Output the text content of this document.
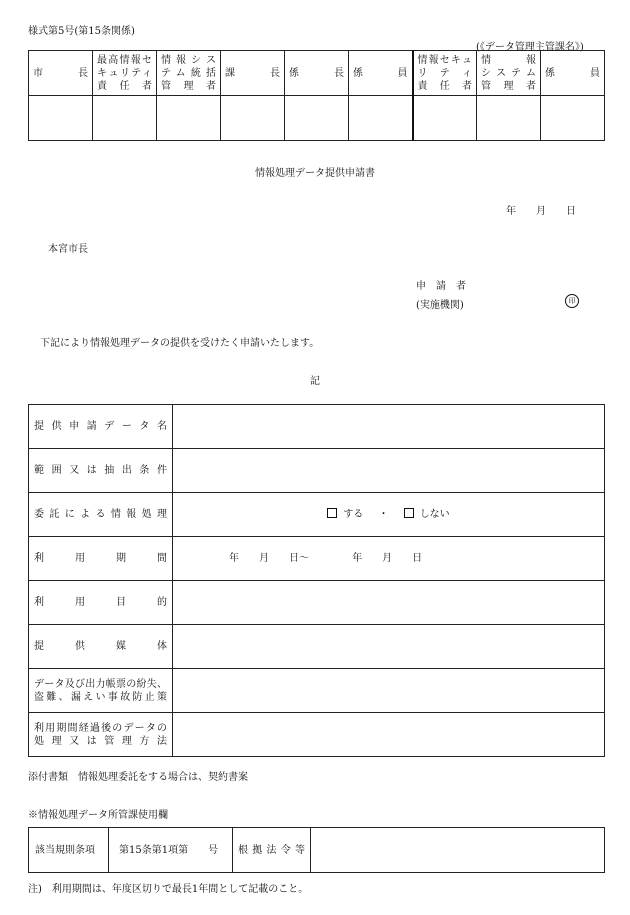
様式第5号(第15条関係)
(《データ管理主管課名》)
市　　長	最高情報セ
キュリティ
責　任　者	情 報 シ ス
テム統括
管　理　者	課　　長	係　　長	係　　員	情報セキュ
リ テ ィ
責　任　者	情　　報
システム
管　理　者	係　　員

情報処理データ提供申請書
年　　月　　日
本宮市長
申　請　者
(実施機関)	印
下記により情報処理データの提供を受けたく申請いたします。
記
提供申請データ名	

範囲又は抽出条件	

委託による情報処理	する ・ しない

利用期間	年　　月　　日〜 年　　月　　日

利用目的	

提供媒体	

データ及び出力帳票の紛失、
盗難、漏えい事故防止策	

利用期間経過後のデータの
処理又は管理方法	

添付書類　情報処理委託をする場合は、契約書案
※情報処理データ所管課使用欄
該当規則条項	第15条第1項第　　号	根拠法令等

注)　利用期間は、年度区切りで最長1年間として記載のこと。
